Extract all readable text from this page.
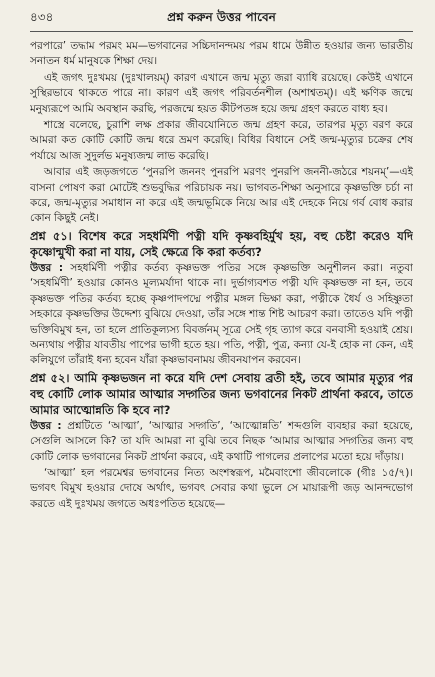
৪৩৪	প্রশ্ন করুন উত্তর পাবেন

পরপারে’ তদ্ধাম পরমং মম—ভগবানের সচ্চিদানন্দময় পরম ধামে উন্নীত হওয়ার জন্য ভারতীয় সনাতন ধর্ম মানুষকে শিক্ষা দেয়।

এই জগৎ দুঃখময় (দুঃখালয়ম্) কারণ এখানে জন্ম মৃত্যু জরা ব্যাধি রয়েছে। কেউই এখানে সুস্থিরভাবে থাকতে পারে না। কারণ এই জগৎ পরিবর্তনশীল (অশাশ্বতম্)। এই ক্ষণিক জন্মে মনুষ্যরূপে আমি অবস্থান করছি, পরজন্মে হয়ত কীটপতঙ্গ হয়ে জন্ম গ্রহণ করতে বাধ্য হব।

শাস্ত্রে বলেছে, চুরাশি লক্ষ প্রকার জীবযোনিতে জন্ম গ্রহণ করে, তারপর মৃত্যু বরণ করে আমরা কত কোটি কোটি জন্ম ধরে ভ্রমণ করেছি। বিধির বিধানে সেই জন্ম-মৃত্যুর চক্রের শেষ পর্যায়ে আজ সুদুর্লভ মনুষ্যজন্ম লাভ করেছি।

আবার এই জড়জগতে ‘পুনরপি জননং পুনরপি মরণং পুনরপি জননী-জঠরে শয়নম্’—এই বাসনা পোষণ করা মোটেই শুভবুদ্ধির পরিচায়ক নয়। ভাগবত-শিক্ষা অনুসারে কৃষ্ণভক্তি চর্চা না করে, জন্ম-মৃত্যুর সমাধান না করে এই জন্মভূমিকে নিয়ে আর এই দেহকে নিয়ে গর্ব বোধ করার কোন কিছুই নেই।

প্রশ্ন ৫১। বিশেষ করে সহধর্মিণী পত্নী যদি কৃষ্ণবহির্মুখ হয়, বহু চেষ্টা করেও যদি কৃষ্ণোন্মুখী করা না যায়, সেই ক্ষেত্রে কি করা কর্তব্য?

উত্তর : সহধর্মিণী পত্নীর কর্তব্য কৃষ্ণভক্ত পতির সঙ্গে কৃষ্ণভক্তি অনুশীলন করা। নতুবা ‘সহধর্মিণী’ হওয়ার কোনও মূল্যমর্যাদা থাকে না। দুর্ভাগ্যবশত পত্নী যদি কৃষ্ণভক্ত না হন, তবে কৃষ্ণভক্ত পতির কর্তব্য হচ্ছে কৃষ্ণপাদপদ্মে পত্নীর মঙ্গল ভিক্ষা করা, পত্নীকে ধৈর্য ও সহিষ্ণুতা সহকারে কৃষ্ণভক্তির উদ্দেশ্য বুঝিয়ে দেওয়া, তাঁর সঙ্গে শান্ত শিষ্ট আচরণ করা। তাতেও যদি পত্নী ভক্তিবিমুখ হন, তা হলে প্রাতিকূল্যস্য বিবর্জনম্ সূত্রে সেই গৃহ ত্যাগ করে বনবাসী হওয়াই শ্রেয়। অন্যথায় পত্নীর যাবতীয় পাপের ভাগী হতে হয়। পতি, পত্নী, পুত্র, কন্যা যে-ই হোক না কেন, এই কলিযুগে তাঁরাই ধন্য হবেন যাঁরা কৃষ্ণভাবনাময় জীবনযাপন করবেন।

প্রশ্ন ৫২। আমি কৃষ্ণভজন না করে যদি দেশ সেবায় ব্রতী হই, তবে আমার মৃত্যুর পর বহু কোটি লোক আমার আত্মার সদ্গতির জন্য ভগবানের নিকট প্রার্থনা করবে, তাতে আমার আত্মোন্নতি কি হবে না?

উত্তর : প্রশ্নটিতে ‘আত্মা’, ‘আত্মার সদ্গতি’, ‘আত্মোন্নতি’ শব্দগুলি ব্যবহার করা হয়েছে, সেগুলি আসলে কি? তা যদি আমরা না বুঝি তবে নিছক ‘আমার আত্মার সদ্গতির জন্য বহু কোটি লোক ভগবানের নিকট প্রার্থনা করবে, এই কথাটি পাগলের প্রলাপের মতো হয়ে দাঁড়ায়।

‘আত্মা’ হল পরমেশ্বর ভগবানের নিত্য অংশস্বরূপ, মমৈবাংশো জীবলোকে (গীঃ ১৫/৭)। ভগবৎ বিমুখ হওয়ার দোষে অর্থাৎ, ভগবৎ সেবার কথা ভুলে সে মায়ারূপী জড় আনন্দভোগ করতে এই দুঃখময় জগতে অধঃপতিত হয়েছে—
